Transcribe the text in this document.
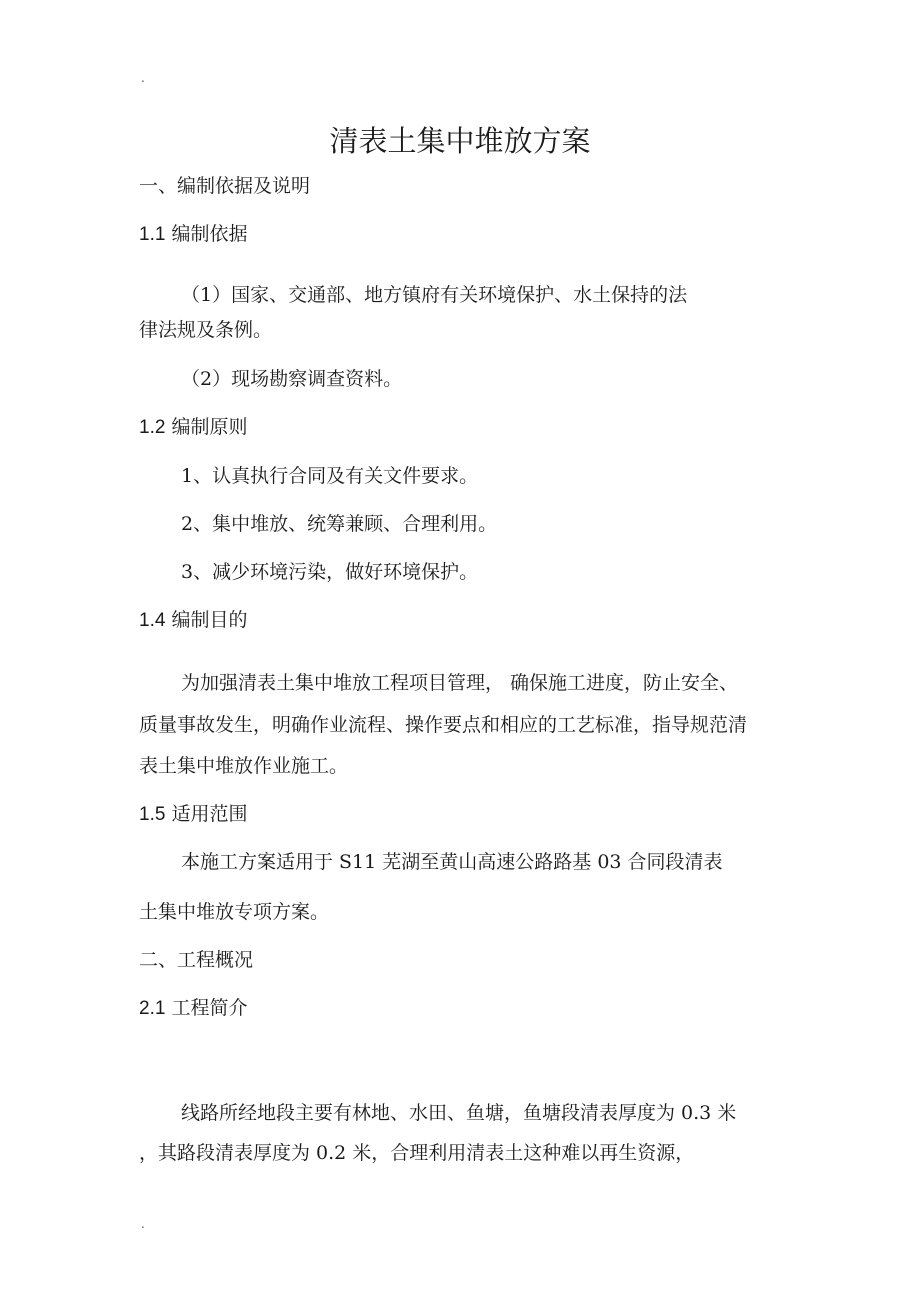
.
清表土集中堆放方案
一、编制依据及说明
1.1 编制依据
（1）国家、交通部、地方镇府有关环境保护、水土保持的法
律法规及条例。
（2）现场勘察调查资料。
1.2 编制原则
1、认真执行合同及有关文件要求。
2、集中堆放、统筹兼顾、合理利用。
3、减少环境污染，做好环境保护。
1.4 编制目的
为加强清表土集中堆放工程项目管理， 确保施工进度，防止安全、
质量事故发生，明确作业流程、操作要点和相应的工艺标准，指导规范清
表土集中堆放作业施工。
1.5 适用范围
本施工方案适用于 S11 芜湖至黄山高速公路路基 03 合同段清表
土集中堆放专项方案。
二、工程概况
2.1 工程简介
线路所经地段主要有林地、水田、鱼塘，鱼塘段清表厚度为 0.3 米
，其路段清表厚度为 0.2 米，合理利用清表土这种难以再生资源，
.
